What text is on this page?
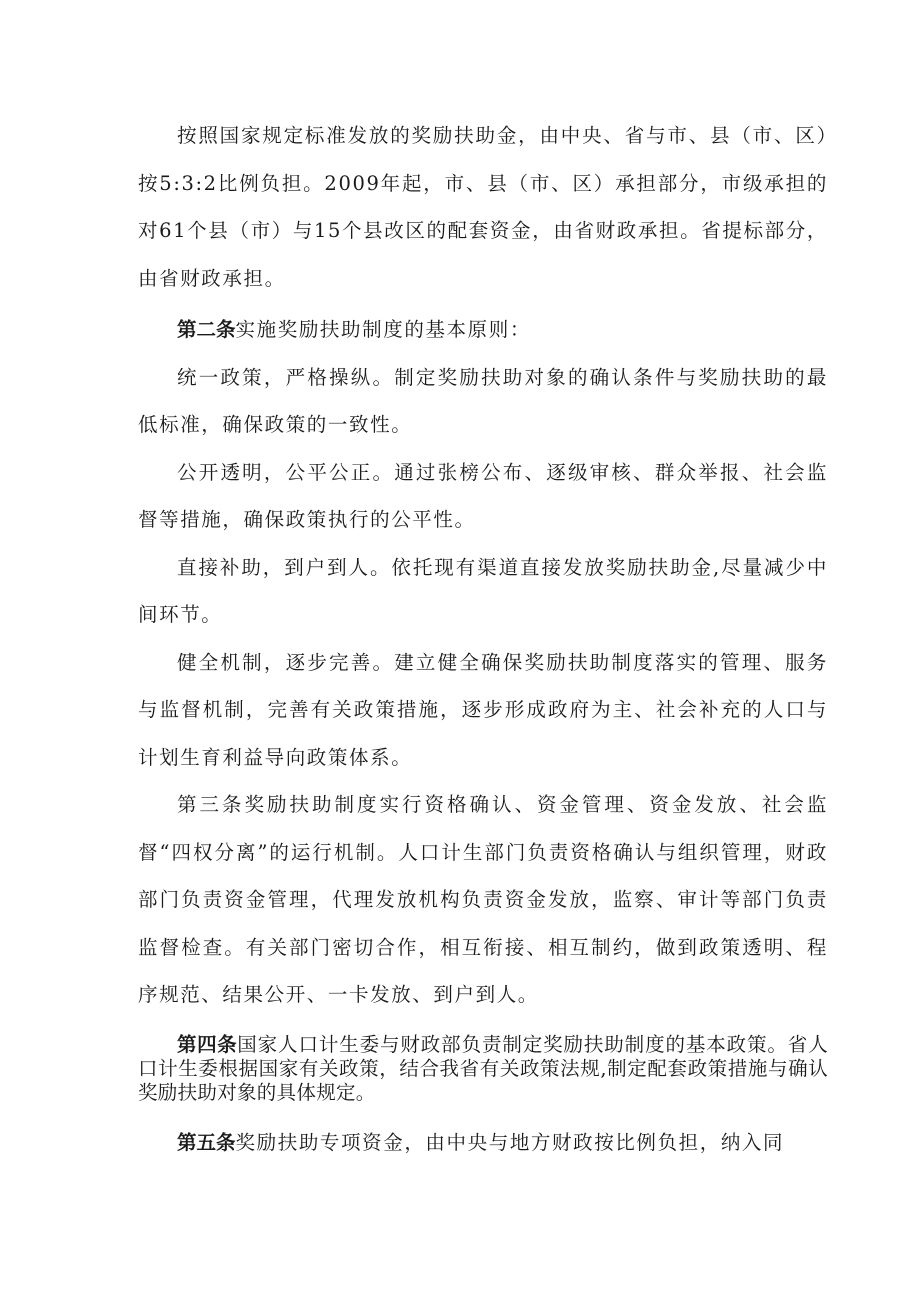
按照国家规定标准发放的奖励扶助金，由中央、省与市、县（市、区）按5:3:2比例负担。2009年起，市、县（市、区）承担部分，市级承担的对61个县（市）与15个县改区的配套资金，由省财政承担。省提标部分，由省财政承担。

第二条实施奖励扶助制度的基本原则：

统一政策，严格操纵。制定奖励扶助对象的确认条件与奖励扶助的最低标准，确保政策的一致性。

公开透明，公平公正。通过张榜公布、逐级审核、群众举报、社会监督等措施，确保政策执行的公平性。

直接补助，到户到人。依托现有渠道直接发放奖励扶助金,尽量减少中间环节。

健全机制，逐步完善。建立健全确保奖励扶助制度落实的管理、服务与监督机制，完善有关政策措施，逐步形成政府为主、社会补充的人口与计划生育利益导向政策体系。

第三条奖励扶助制度实行资格确认、资金管理、资金发放、社会监督“四权分离”的运行机制。人口计生部门负责资格确认与组织管理，财政部门负责资金管理，代理发放机构负责资金发放，监察、审计等部门负责监督检查。有关部门密切合作，相互衔接、相互制约，做到政策透明、程序规范、结果公开、一卡发放、到户到人。

第四条国家人口计生委与财政部负责制定奖励扶助制度的基本政策。省人口计生委根据国家有关政策，结合我省有关政策法规,制定配套政策措施与确认奖励扶助对象的具体规定。

第五条奖励扶助专项资金，由中央与地方财政按比例负担，纳入同
